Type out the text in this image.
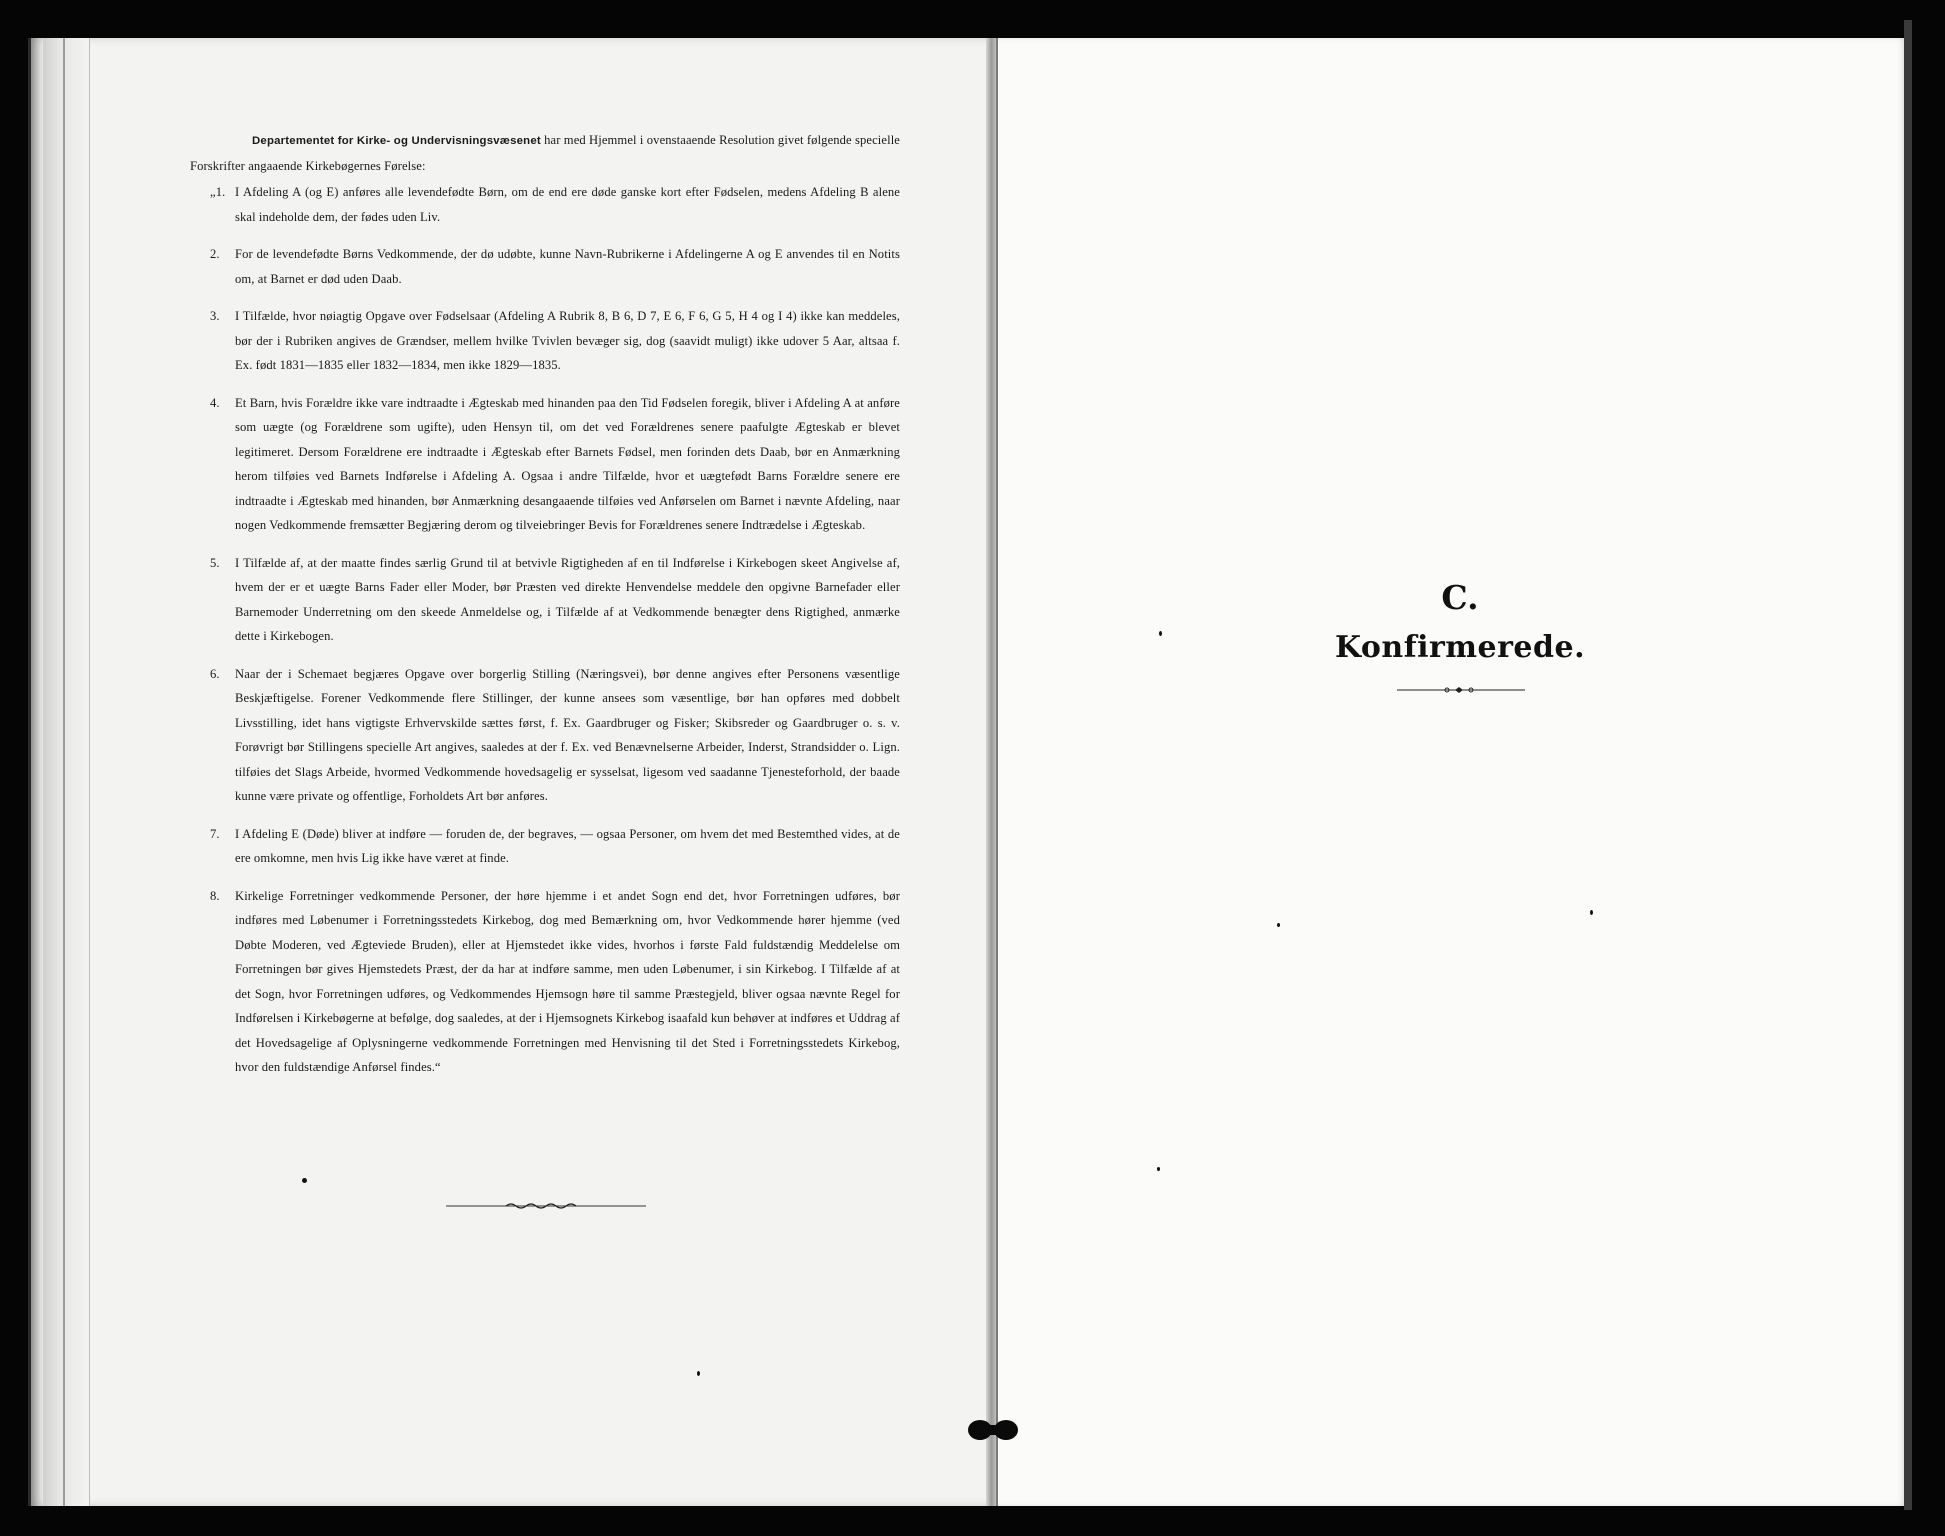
Departementet for Kirke- og Undervisningsvæsenet har med Hjemmel i ovenstaaende Resolution givet følgende specielle Forskrifter angaaende Kirkebøgernes Førelse:

„1. I Afdeling A (og E) anføres alle levendefødte Børn, om de end ere døde ganske kort efter Fødselen, medens Afdeling B alene skal indeholde dem, der fødes uden Liv.
2.	For de levendefødte Børns Vedkommende, der dø udøbte, kunne Navn-Rubrikerne i Afdelingerne A og E anvendes til en Notits om, at Barnet er død uden Daab.
3.	I Tilfælde, hvor nøiagtig Opgave over Fødselsaar (Afdeling A Rubrik 8, B 6, D 7, E 6, F 6, G 5, H 4 og I 4) ikke kan meddeles, bør der i Rubriken angives de Grændser, mellem hvilke Tvivlen bevæger sig, dog (saavidt muligt) ikke udover 5 Aar, altsaa f. Ex. født 1831—1835 eller 1832—1834, men ikke 1829—1835.
4.	Et Barn, hvis Forældre ikke vare indtraadte i Ægteskab med hinanden paa den Tid Fødselen foregik, bliver i Afdeling A at anføre som uægte (og Forældrene som ugifte), uden Hensyn til, om det ved Forældrenes senere paafulgte Ægteskab er blevet legitimeret. Dersom Forældrene ere indtraadte i Ægteskab efter Barnets Fødsel, men forinden dets Daab, bør en Anmærkning herom tilføies ved Barnets Indførelse i Afdeling A. Ogsaa i andre Tilfælde, hvor et uægtefødt Barns Forældre senere ere indtraadte i Ægteskab med hinanden, bør Anmærkning desangaaende tilføies ved Anførselen om Barnet i nævnte Afdeling, naar nogen Vedkommende fremsætter Begjæring derom og tilveiebringer Bevis for Forældrenes senere Indtrædelse i Ægteskab.
5.	I Tilfælde af, at der maatte findes særlig Grund til at betvivle Rigtigheden af en til Indførelse i Kirkebogen skeet Angivelse af, hvem der er et uægte Barns Fader eller Moder, bør Præsten ved direkte Henvendelse meddele den opgivne Barnefader eller Barnemoder Underretning om den skeede Anmeldelse og, i Tilfælde af at Vedkommende benægter dens Rigtighed, anmærke dette i Kirkebogen.
6.	Naar der i Schemaet begjæres Opgave over borgerlig Stilling (Næringsvei), bør denne angives efter Personens væsentlige Beskjæftigelse. Forener Vedkommende flere Stillinger, der kunne ansees som væsentlige, bør han opføres med dobbelt Livsstilling, idet hans vigtigste Erhvervskilde sættes først, f. Ex. Gaardbruger og Fisker; Skibsreder og Gaardbruger o. s. v. Forøvrigt bør Stillingens specielle Art angives, saaledes at der f. Ex. ved Benævnelserne Arbeider, Inderst, Strandsidder o. Lign. tilføies det Slags Arbeide, hvormed Vedkommende hovedsagelig er sysselsat, ligesom ved saadanne Tjenesteforhold, der baade kunne være private og offentlige, Forholdets Art bør anføres.
7.	I Afdeling E (Døde) bliver at indføre — foruden de, der begraves, — ogsaa Personer, om hvem det med Bestemthed vides, at de ere omkomne, men hvis Lig ikke have været at finde.
8.	Kirkelige Forretninger vedkommende Personer, der høre hjemme i et andet Sogn end det, hvor Forretningen udføres, bør indføres med Løbenumer i Forretningsstedets Kirkebog, dog med Bemærkning om, hvor Vedkommende hører hjemme (ved Døbte Moderen, ved Ægteviede Bruden), eller at Hjemstedet ikke vides, hvorhos i første Fald fuldstændig Meddelelse om Forretningen bør gives Hjemstedets Præst, der da har at indføre samme, men uden Løbenumer, i sin Kirkebog. I Tilfælde af at det Sogn, hvor Forretningen udføres, og Vedkommendes Hjemsogn høre til samme Præstegjeld, bliver ogsaa nævnte Regel for Indførelsen i Kirkebøgerne at befølge, dog saaledes, at der i Hjemsognets Kirkebog isaafald kun behøver at indføres et Uddrag af det Hovedsagelige af Oplysningerne vedkommende Forretningen med Henvisning til det Sted i Forretningsstedets Kirkebog, hvor den fuldstændige Anførsel findes.“
C.
Konfirmerede.
